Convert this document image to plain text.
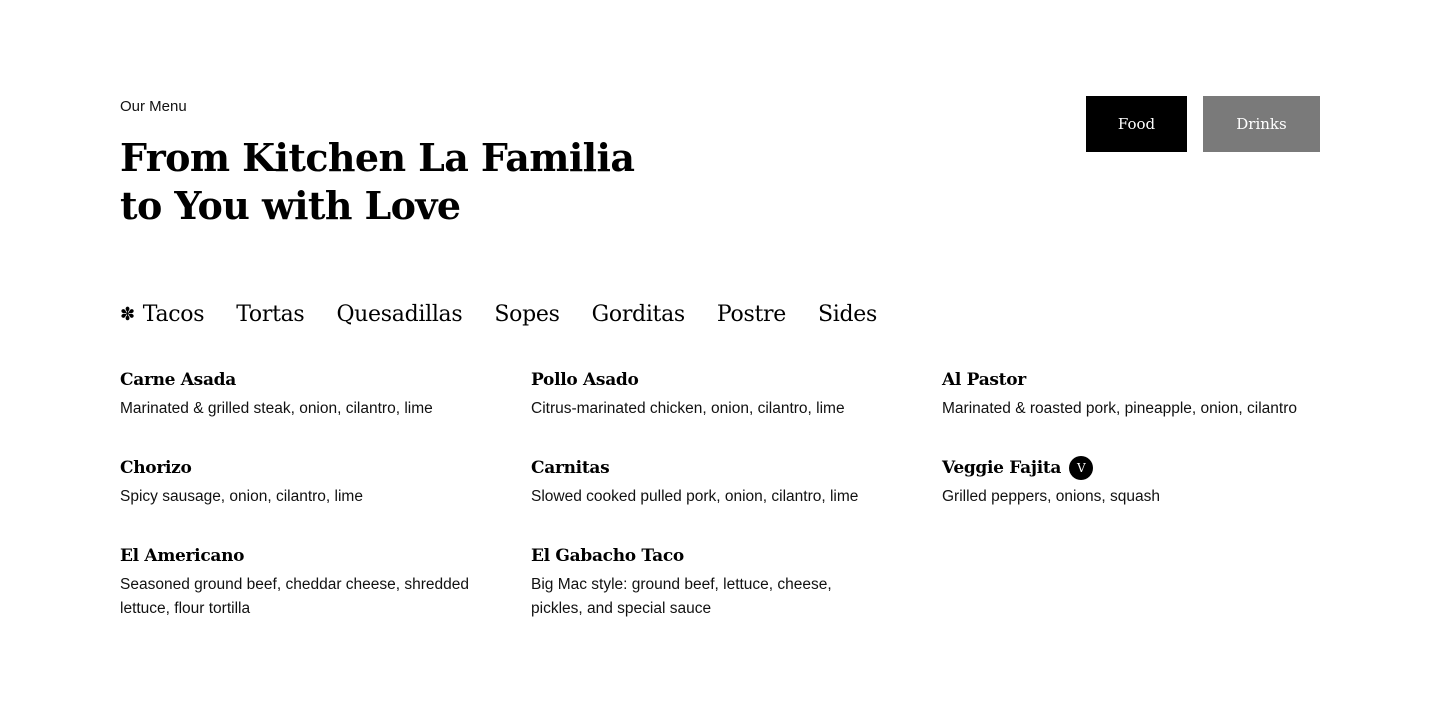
Our Menu
From Kitchen La Familia
to You with Love
Food	Drinks
✽ Tacos Tortas Quesadillas Sopes Gorditas Postre Sides
Carne Asada
Marinated & grilled steak, onion, cilantro, lime
Pollo Asado
Citrus-marinated chicken, onion, cilantro, lime
Al Pastor
Marinated & roasted pork, pineapple, onion, cilantro
Chorizo
Spicy sausage, onion, cilantro, lime
Carnitas
Slowed cooked pulled pork, onion, cilantro, lime
Veggie Fajita	V
Grilled peppers, onions, squash
El Americano
Seasoned ground beef, cheddar cheese, shredded lettuce, flour tortilla
El Gabacho Taco
Big Mac style: ground beef, lettuce, cheese, pickles, and special sauce
